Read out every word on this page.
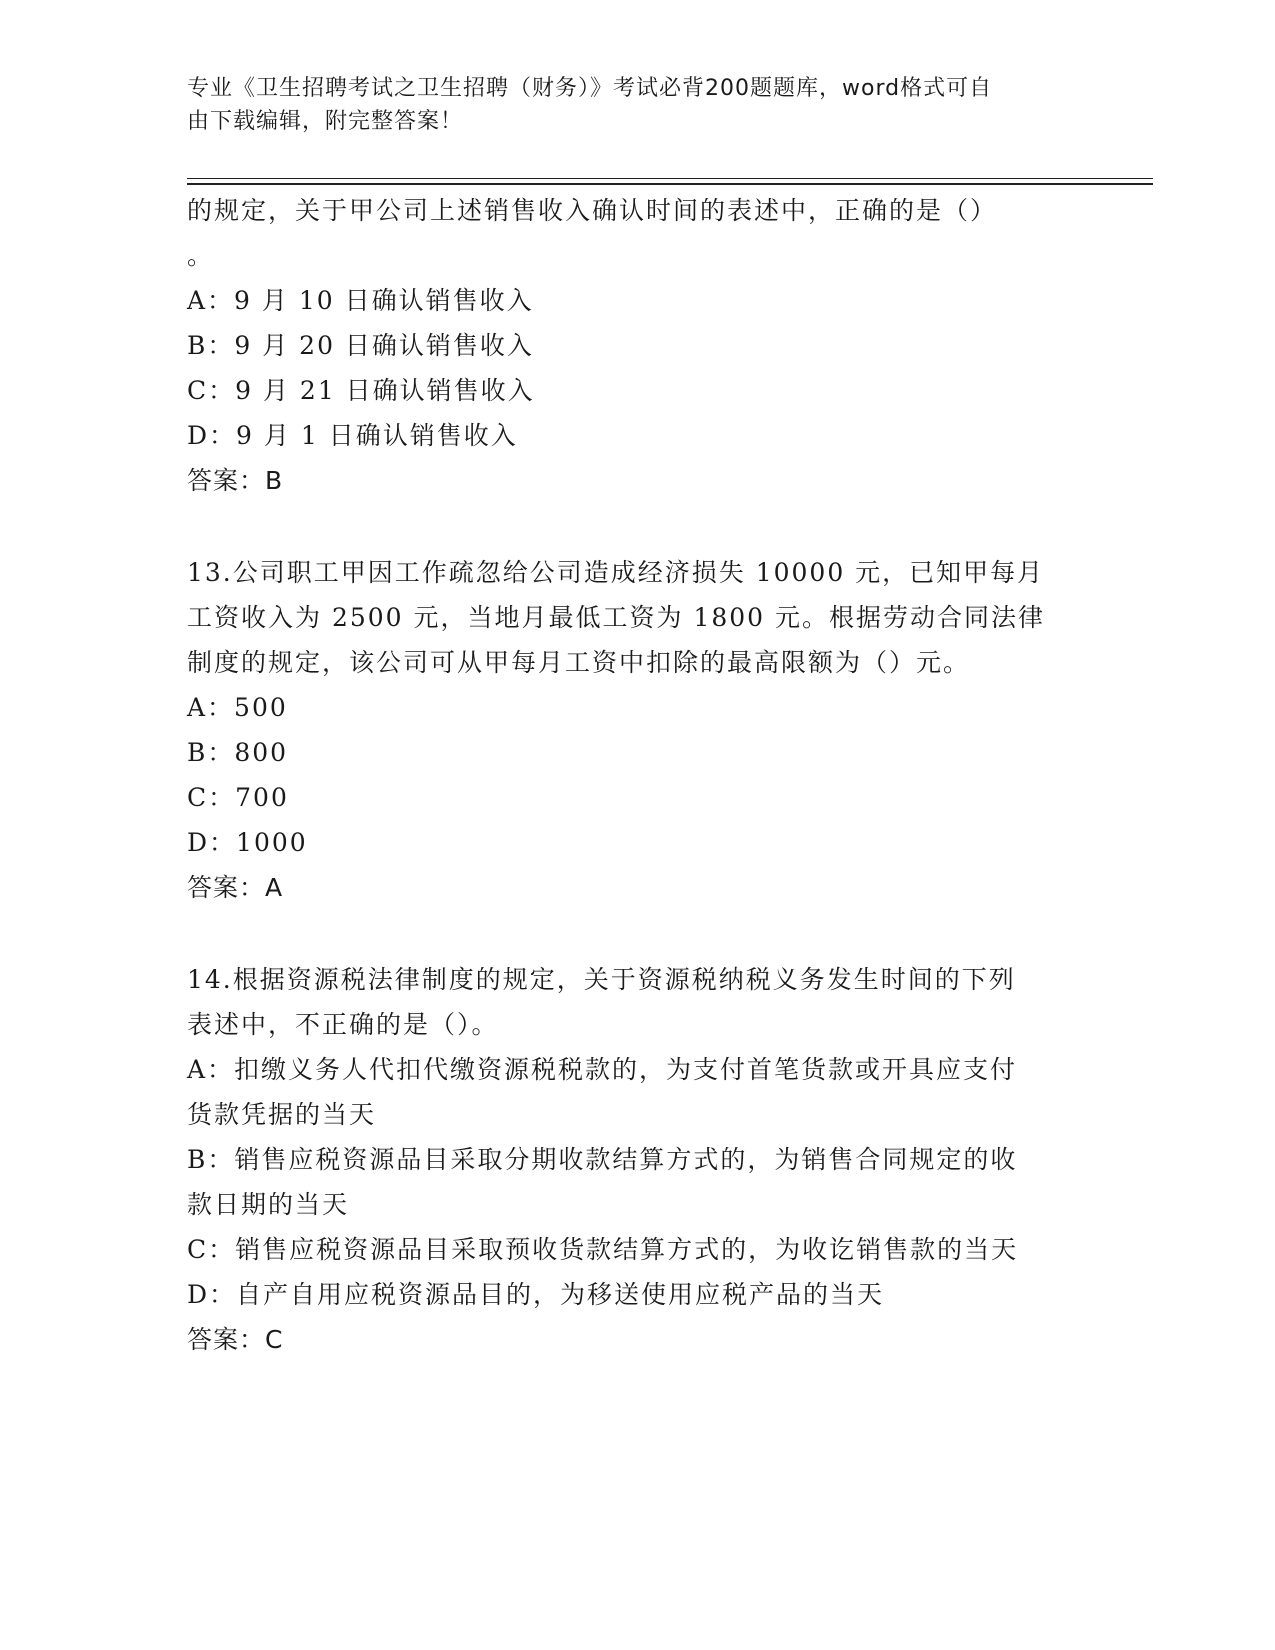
专业《卫生招聘考试之卫生招聘（财务）》考试必背200题题库，word格式可自
由下载编辑，附完整答案！
的规定，关于甲公司上述销售收入确认时间的表述中，正确的是（）
。
A：9 月 10 日确认销售收入
B：9 月 20 日确认销售收入
C：9 月 21 日确认销售收入
D：9 月 1 日确认销售收入
答案：B
13.公司职工甲因工作疏忽给公司造成经济损失 10000 元，已知甲每月
工资收入为 2500 元，当地月最低工资为 1800 元。根据劳动合同法律
制度的规定，该公司可从甲每月工资中扣除的最高限额为（）元。
A：500
B：800
C：700
D：1000
答案：A
14.根据资源税法律制度的规定，关于资源税纳税义务发生时间的下列
表述中，不正确的是（）。
A：扣缴义务人代扣代缴资源税税款的，为支付首笔货款或开具应支付
货款凭据的当天
B：销售应税资源品目采取分期收款结算方式的，为销售合同规定的收
款日期的当天
C：销售应税资源品目采取预收货款结算方式的，为收讫销售款的当天
D：自产自用应税资源品目的，为移送使用应税产品的当天
答案：C
